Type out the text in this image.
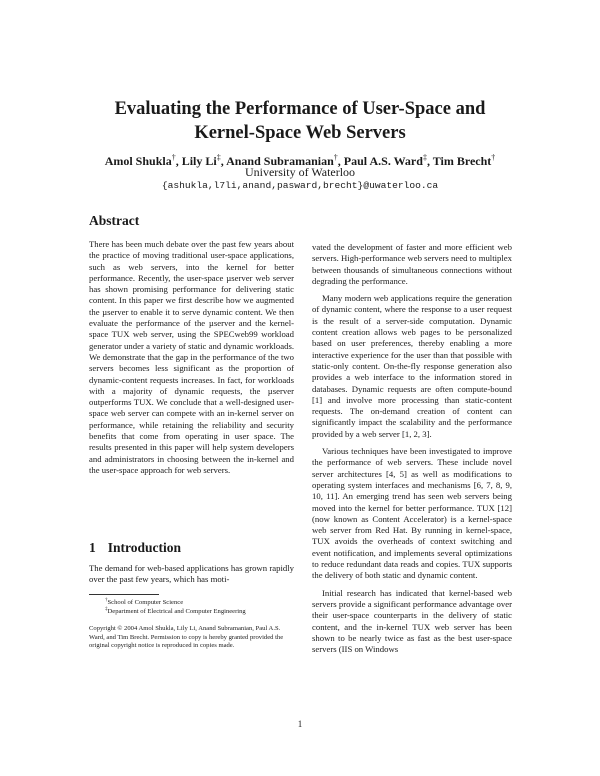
Evaluating the Performance of User-Space and
Kernel-Space Web Servers
Amol Shukla†, Lily Li‡, Anand Subramanian†, Paul A.S. Ward‡, Tim Brecht†
University of Waterloo
{ashukla,l7li,anand,pasward,brecht}@uwaterloo.ca
Abstract

There has been much debate over the past few years about the practice of moving traditional user-space applications, such as web servers, into the kernel for better performance. Recently, the user-space µserver web server has shown promising performance for delivering static content. In this paper we first describe how we augmented the µserver to enable it to serve dynamic content. We then evaluate the performance of the µserver and the kernel-space TUX web server, using the SPECweb99 workload generator under a variety of static and dynamic workloads. We demonstrate that the gap in the performance of the two servers becomes less significant as the proportion of dynamic-content requests increases. In fact, for workloads with a majority of dynamic requests, the µserver outperforms TUX. We conclude that a well-designed user-space web server can compete with an in-kernel server on performance, while retaining the reliability and security benefits that come from operating in user space. The results presented in this paper will help system developers and administrators in choosing between the in-kernel and the user-space approach for web servers.

1 Introduction

The demand for web-based applications has grown rapidly over the past few years, which has moti-

†School of Computer Science
‡Department of Electrical and Computer Engineering
Copyright © 2004 Amol Shukla, Lily Li, Anand Subramanian, Paul A.S. Ward, and Tim Brecht. Permission to copy is hereby granted provided the original copyright notice is reproduced in copies made.

vated the development of faster and more efficient web servers. High-performance web servers need to multiplex between thousands of simultaneous connections without degrading the performance.

Many modern web applications require the generation of dynamic content, where the response to a user request is the result of a server-side computation. Dynamic content creation allows web pages to be personalized based on user preferences, thereby enabling a more interactive experience for the user than that possible with static-only content. On-the-fly response generation also provides a web interface to the information stored in databases. Dynamic requests are often compute-bound [1] and involve more processing than static-content requests. The on-demand creation of content can significantly impact the scalability and the performance provided by a web server [1, 2, 3].

Various techniques have been investigated to improve the performance of web servers. These include novel server architectures [4, 5] as well as modifications to operating system interfaces and mechanisms [6, 7, 8, 9, 10, 11]. An emerging trend has seen web servers being moved into the kernel for better performance. TUX [12] (now known as Content Accelerator) is a kernel-space web server from Red Hat. By running in kernel-space, TUX avoids the overheads of context switching and event notification, and implements several optimizations to reduce redundant data reads and copies. TUX supports the delivery of both static and dynamic content.

Initial research has indicated that kernel-based web servers provide a significant performance advantage over their user-space counterparts in the delivery of static content, and the in-kernel TUX web server has been shown to be nearly twice as fast as the best user-space servers (IIS on Windows

1
